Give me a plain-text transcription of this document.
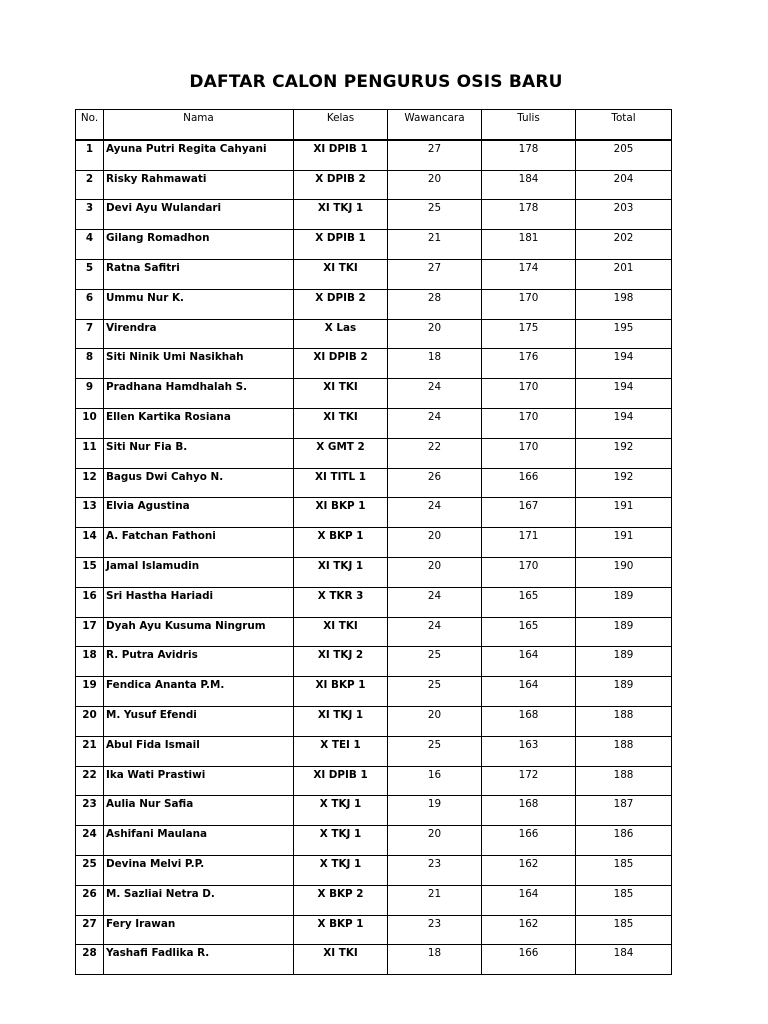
DAFTAR CALON PENGURUS OSIS BARU
No.	Nama	Kelas	Wawancara	Tulis	Total
1	Ayuna Putri Regita Cahyani	XI DPIB 1	27	178	205
2	Risky Rahmawati	X DPIB 2	20	184	204
3	Devi Ayu Wulandari	XI TKJ 1	25	178	203
4	Gilang Romadhon	X DPIB 1	21	181	202
5	Ratna Safitri	XI TKI	27	174	201
6	Ummu Nur K.	X DPIB 2	28	170	198
7	Virendra	X Las	20	175	195
8	Siti Ninik Umi Nasikhah	XI DPIB 2	18	176	194
9	Pradhana Hamdhalah S.	XI TKI	24	170	194
10	Ellen Kartika Rosiana	XI TKI	24	170	194
11	Siti Nur Fia B.	X GMT 2	22	170	192
12	Bagus Dwi Cahyo N.	XI TITL 1	26	166	192
13	Elvia Agustina	XI BKP 1	24	167	191
14	A. Fatchan Fathoni	X BKP 1	20	171	191
15	Jamal Islamudin	XI TKJ 1	20	170	190
16	Sri Hastha Hariadi	X TKR 3	24	165	189
17	Dyah Ayu Kusuma Ningrum	XI TKI	24	165	189
18	R. Putra Avidris	XI TKJ 2	25	164	189
19	Fendica Ananta P.M.	XI BKP 1	25	164	189
20	M. Yusuf Efendi	XI TKJ 1	20	168	188
21	Abul Fida Ismail	X TEI 1	25	163	188
22	Ika Wati Prastiwi	XI DPIB 1	16	172	188
23	Aulia Nur Safia	X TKJ 1	19	168	187
24	Ashifani Maulana	X TKJ 1	20	166	186
25	Devina Melvi P.P.	X TKJ 1	23	162	185
26	M. Sazliai Netra D.	X BKP 2	21	164	185
27	Fery Irawan	X BKP 1	23	162	185
28	Yashafi Fadlika R.	XI TKI	18	166	184
